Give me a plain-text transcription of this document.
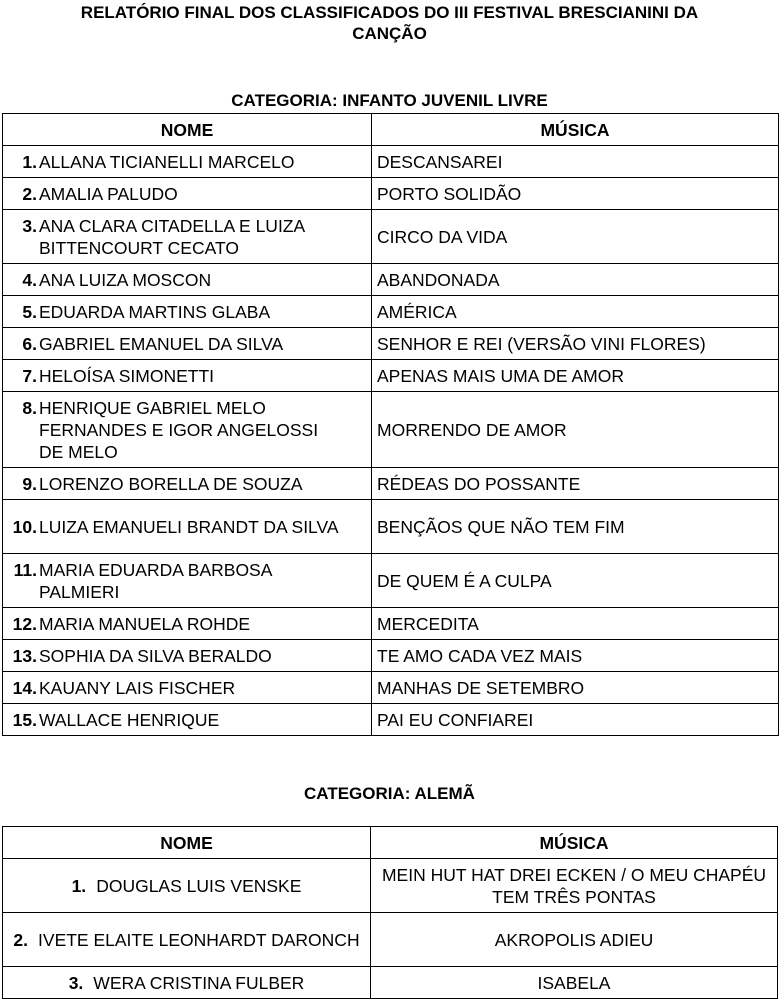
RELATÓRIO FINAL DOS CLASSIFICADOS DO III FESTIVAL BRESCIANINI DA
CANÇÃO
CATEGORIA: INFANTO JUVENIL LIVRE
NOME	MÚSICA
1. ALLANA TICIANELLI MARCELO	DESCANSAREI
2. AMALIA PALUDO	PORTO SOLIDÃO
3. ANA CLARA CITADELLA E LUIZA BITTENCOURT CECATO	CIRCO DA VIDA
4. ANA LUIZA MOSCON	ABANDONADA
5. EDUARDA MARTINS GLABA	AMÉRICA
6. GABRIEL EMANUEL DA SILVA	SENHOR E REI (VERSÃO VINI FLORES)
7. HELOÍSA SIMONETTI	APENAS MAIS UMA DE AMOR
8. HENRIQUE GABRIEL MELO FERNANDES E IGOR ANGELOSSI DE MELO	MORRENDO DE AMOR
9. LORENZO BORELLA DE SOUZA	RÉDEAS DO POSSANTE
10. LUIZA EMANUELI BRANDT DA SILVA	BENÇÃOS QUE NÃO TEM FIM
11. MARIA EDUARDA BARBOSA PALMIERI	DE QUEM É A CULPA
12. MARIA MANUELA ROHDE	MERCEDITA
13. SOPHIA DA SILVA BERALDO	TE AMO CADA VEZ MAIS
14. KAUANY LAIS FISCHER	MANHAS DE SETEMBRO
15. WALLACE HENRIQUE	PAI EU CONFIAREI
CATEGORIA: ALEMÃ
NOME	MÚSICA
1. DOUGLAS LUIS VENSKE	MEIN HUT HAT DREI ECKEN / O MEU CHAPÉU TEM TRÊS PONTAS
2. IVETE ELAITE LEONHARDT DARONCH	AKROPOLIS ADIEU
3. WERA CRISTINA FULBER	ISABELA
